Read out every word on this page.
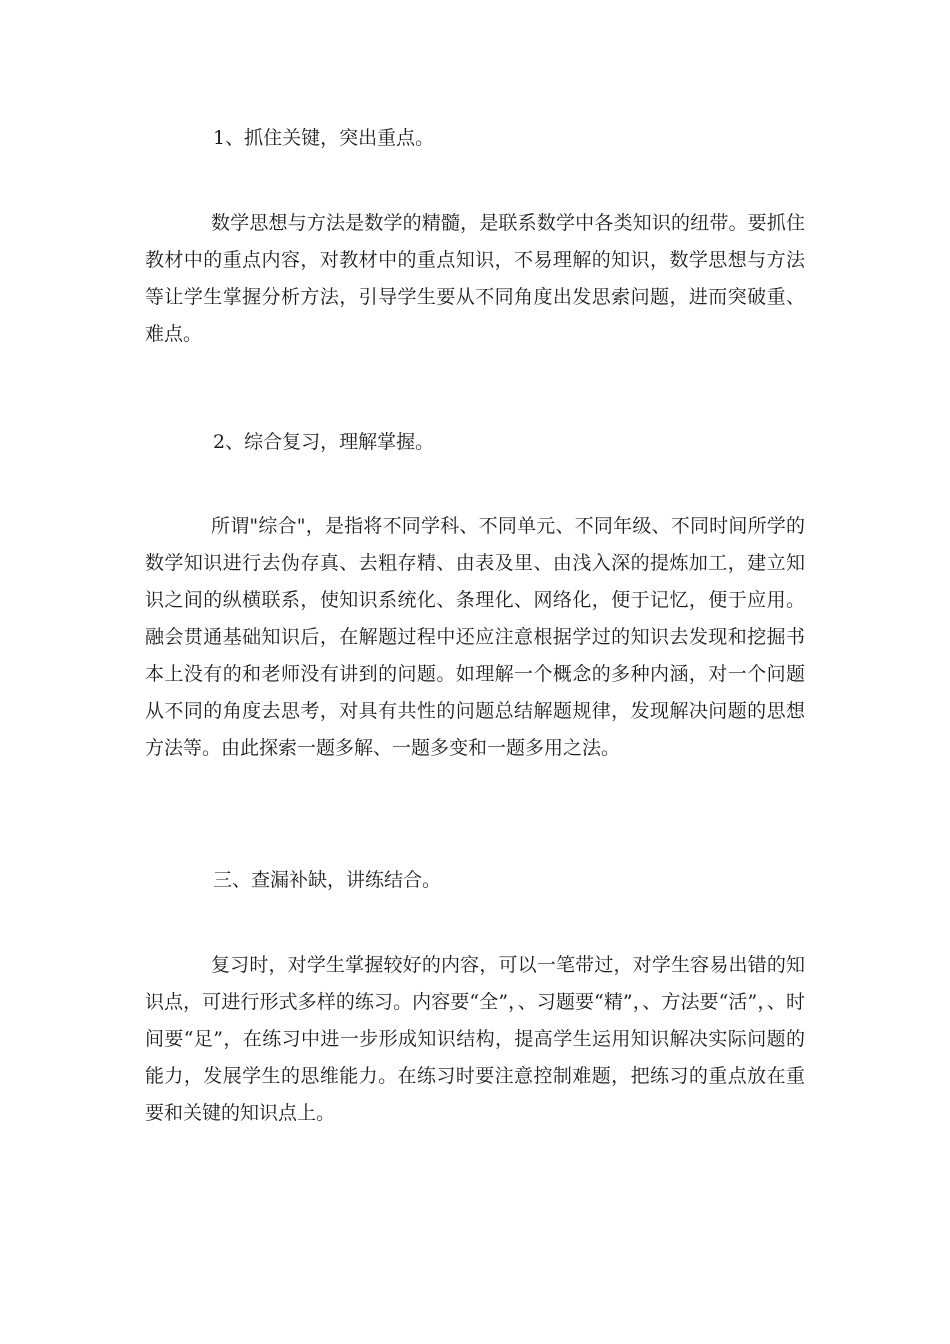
1、抓住关键，突出重点。

数学思想与方法是数学的精髓，是联系数学中各类知识的纽带。要抓住教材中的重点内容，对教材中的重点知识，不易理解的知识，数学思想与方法等让学生掌握分析方法，引导学生要从不同角度出发思索问题，进而突破重、难点。

2、综合复习，理解掌握。

所谓"综合"，是指将不同学科、不同单元、不同年级、不同时间所学的数学知识进行去伪存真、去粗存精、由表及里、由浅入深的提炼加工，建立知识之间的纵横联系，使知识系统化、条理化、网络化，便于记忆，便于应用。融会贯通基础知识后，在解题过程中还应注意根据学过的知识去发现和挖掘书本上没有的和老师没有讲到的问题。如理解一个概念的多种内涵，对一个问题从不同的角度去思考，对具有共性的问题总结解题规律，发现解决问题的思想方法等。由此探索一题多解、一题多变和一题多用之法。

三、查漏补缺，讲练结合。

复习时，对学生掌握较好的内容，可以一笔带过，对学生容易出错的知识点，可进行形式多样的练习。内容要“全”，、习题要“精”，、方法要“活”，、时间要“足”，在练习中进一步形成知识结构，提高学生运用知识解决实际问题的能力，发展学生的思维能力。在练习时要注意控制难题，把练习的重点放在重要和关键的知识点上。
